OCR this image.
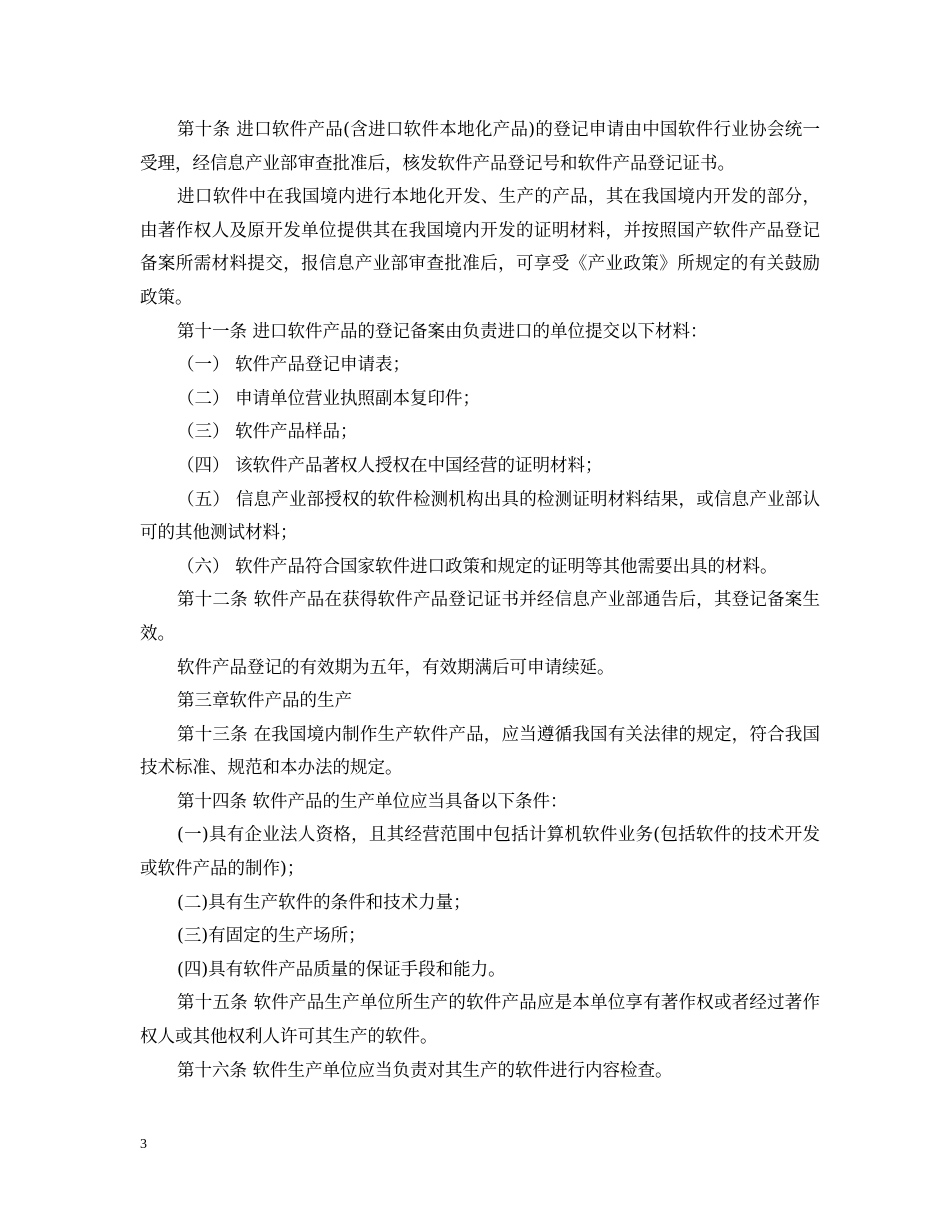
第十条 进口软件产品(含进口软件本地化产品)的登记申请由中国软件行业协会统一受理，经信息产业部审查批准后，核发软件产品登记号和软件产品登记证书。

进口软件中在我国境内进行本地化开发、生产的产品，其在我国境内开发的部分，由著作权人及原开发单位提供其在我国境内开发的证明材料，并按照国产软件产品登记备案所需材料提交，报信息产业部审查批准后，可享受《产业政策》所规定的有关鼓励政策。

第十一条 进口软件产品的登记备案由负责进口的单位提交以下材料：

（一） 软件产品登记申请表；

（二） 申请单位营业执照副本复印件；

（三） 软件产品样品；

（四） 该软件产品著权人授权在中国经营的证明材料；

（五） 信息产业部授权的软件检测机构出具的检测证明材料结果，或信息产业部认可的其他测试材料；

（六） 软件产品符合国家软件进口政策和规定的证明等其他需要出具的材料。

第十二条 软件产品在获得软件产品登记证书并经信息产业部通告后，其登记备案生效。

软件产品登记的有效期为五年，有效期满后可申请续延。

第三章软件产品的生产

第十三条 在我国境内制作生产软件产品，应当遵循我国有关法律的规定，符合我国技术标准、规范和本办法的规定。

第十四条 软件产品的生产单位应当具备以下条件：

(一)具有企业法人资格，且其经营范围中包括计算机软件业务(包括软件的技术开发或软件产品的制作)；

(二)具有生产软件的条件和技术力量；

(三)有固定的生产场所；

(四)具有软件产品质量的保证手段和能力。

第十五条 软件产品生产单位所生产的软件产品应是本单位享有著作权或者经过著作权人或其他权利人许可其生产的软件。

第十六条 软件生产单位应当负责对其生产的软件进行内容检查。

3
